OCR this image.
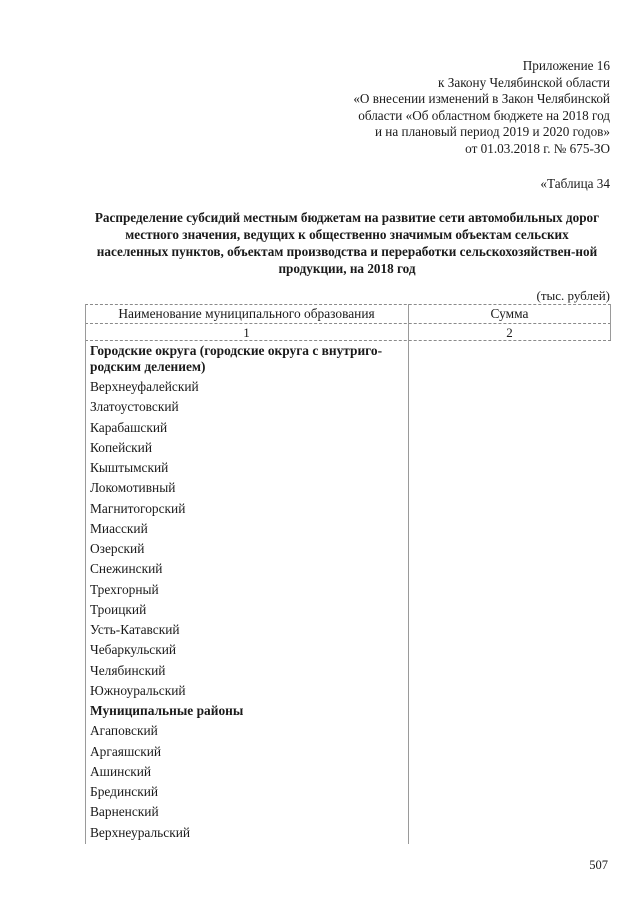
Приложение 16
к Закону Челябинской области
«О внесении изменений в Закон Челябинской
области «Об областном бюджете на 2018 год
и на плановый период 2019 и 2020 годов»
от 01.03.2018 г. № 675-ЗО
«Таблица 34
Распределение субсидий местным бюджетам на развитие сети автомобильных дорог местного значения, ведущих к общественно значимым объектам сельских населенных пунктов, объектам производства и переработки сельскохозяйствен-ной продукции, на 2018 год
(тыс. рублей)
Наименование муниципального образования	Сумма
1	2
Городские округа (городские округа с внутриго-родским делением)
Верхнеуфалейский
Златоустовский
Карабашский
Копейский
Кыштымский
Локомотивный
Магнитогорский
Миасский
Озерский
Снежинский
Трехгорный
Троицкий
Усть-Катавский
Чебаркульский
Челябинский
Южноуральский
Муниципальные районы
Агаповский
Аргаяшский
Ашинский
Брединский
Варненский
Верхнеуральский
507
